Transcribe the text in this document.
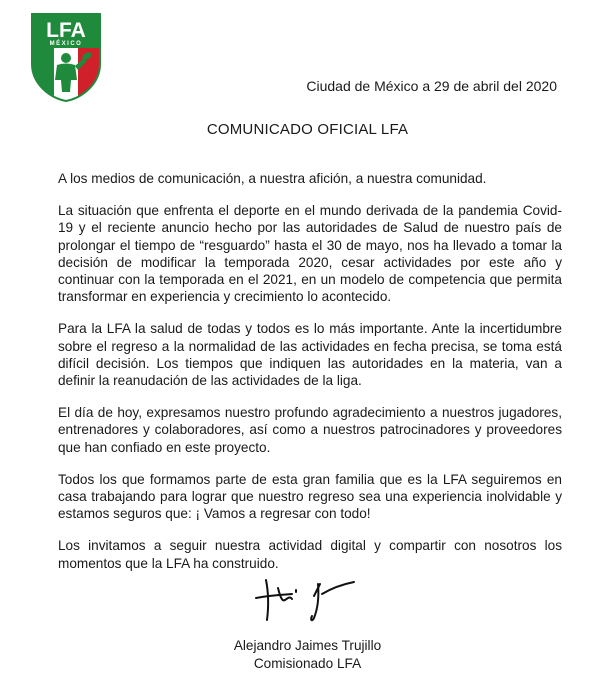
LFA
MÉXICO
Ciudad de México a 29 de abril del 2020
COMUNICADO OFICIAL LFA

A los medios de comunicación, a nuestra afición, a nuestra comunidad.

La situación que enfrenta el deporte en el mundo derivada de la pandemia Covid-19 y el reciente anuncio hecho por las autoridades de Salud de nuestro país de prolongar el tiempo de “resguardo” hasta el 30 de mayo, nos ha llevado a tomar la decisión de modificar la temporada 2020, cesar actividades por este año y continuar con la temporada en el 2021, en un modelo de competencia que permita transformar en experiencia y crecimiento lo acontecido.

Para la LFA la salud de todas y todos es lo más importante. Ante la incertidumbre sobre el regreso a la normalidad de las actividades en fecha precisa, se toma está difícil decisión. Los tiempos que indiquen las autoridades en la materia, van a definir la reanudación de las actividades de la liga.

El día de hoy, expresamos nuestro profundo agradecimiento a nuestros jugadores, entrenadores y colaboradores, así como a nuestros patrocinadores y proveedores que han confiado en este proyecto.

Todos los que formamos parte de esta gran familia que es la LFA seguiremos en casa trabajando para lograr que nuestro regreso sea una experiencia inolvidable y estamos seguros que: ¡ Vamos a regresar con todo!

Los invitamos a seguir nuestra actividad digital y compartir con nosotros los momentos que la LFA ha construido.

Alejandro Jaimes Trujillo
Comisionado LFA
